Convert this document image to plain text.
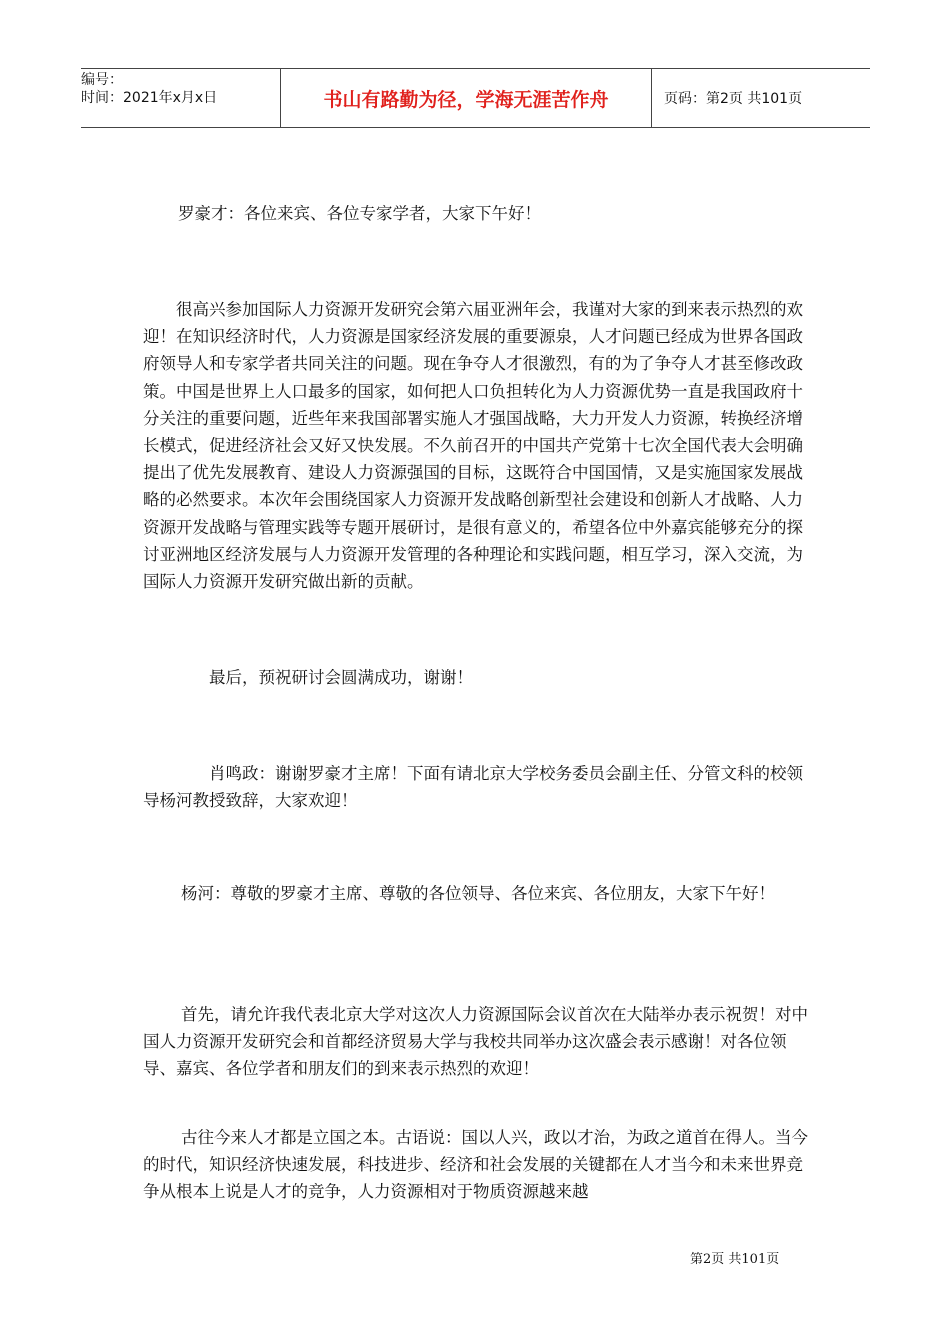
编号：
时间：2021年x月x日	书山有路勤为径，学海无涯苦作舟	页码：第2页 共101页

罗豪才：各位来宾、各位专家学者，大家下午好！

很高兴参加国际人力资源开发研究会第六届亚洲年会，我谨对大家的到来表示热烈的欢迎！在知识经济时代，人力资源是国家经济发展的重要源泉，人才问题已经成为世界各国政府领导人和专家学者共同关注的问题。现在争夺人才很激烈，有的为了争夺人才甚至修改政策。中国是世界上人口最多的国家，如何把人口负担转化为人力资源优势一直是我国政府十分关注的重要问题，近些年来我国部署实施人才强国战略，大力开发人力资源，转换经济增长模式，促进经济社会又好又快发展。不久前召开的中国共产党第十七次全国代表大会明确提出了优先发展教育、建设人力资源强国的目标，这既符合中国国情，又是实施国家发展战略的必然要求。本次年会围绕国家人力资源开发战略创新型社会建设和创新人才战略、人力资源开发战略与管理实践等专题开展研讨，是很有意义的，希望各位中外嘉宾能够充分的探讨亚洲地区经济发展与人力资源开发管理的各种理论和实践问题，相互学习，深入交流，为国际人力资源开发研究做出新的贡献。

最后，预祝研讨会圆满成功，谢谢！

肖鸣政：谢谢罗豪才主席！下面有请北京大学校务委员会副主任、分管文科的校领导杨河教授致辞，大家欢迎！

杨河：尊敬的罗豪才主席、尊敬的各位领导、各位来宾、各位朋友，大家下午好！

首先，请允许我代表北京大学对这次人力资源国际会议首次在大陆举办表示祝贺！对中国人力资源开发研究会和首都经济贸易大学与我校共同举办这次盛会表示感谢！对各位领导、嘉宾、各位学者和朋友们的到来表示热烈的欢迎！

古往今来人才都是立国之本。古语说：国以人兴，政以才治，为政之道首在得人。当今的时代，知识经济快速发展，科技进步、经济和社会发展的关键都在人才当今和未来世界竞争从根本上说是人才的竞争，人力资源相对于物质资源越来越

第2页 共101页
